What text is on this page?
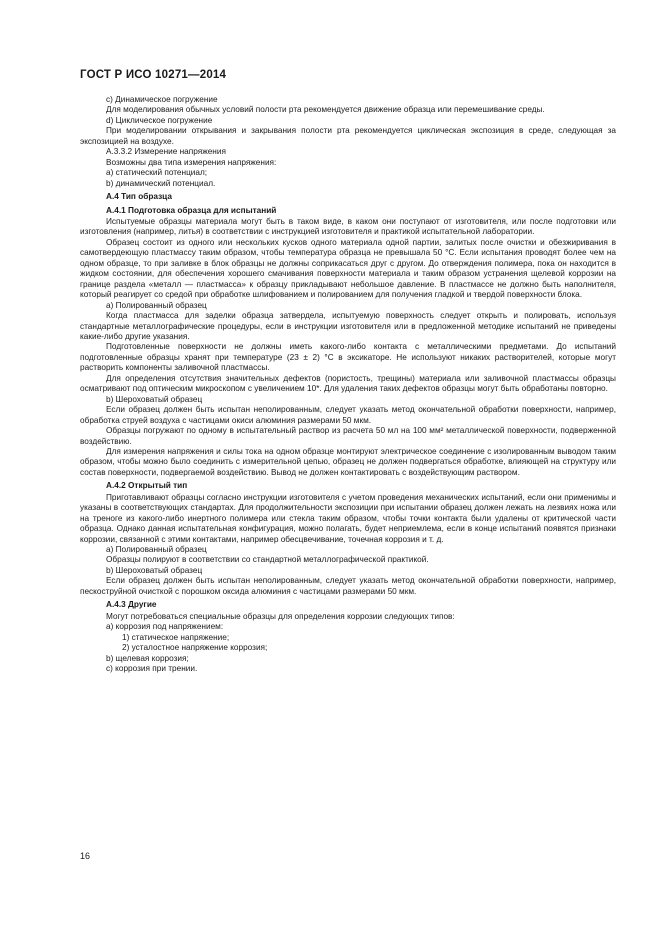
ГОСТ Р ИСО 10271—2014

c) Динамическое погружение

Для моделирования обычных условий полости рта рекомендуется движение образца или перемешивание среды.

d) Циклическое погружение

При моделировании открывания и закрывания полости рта рекомендуется циклическая экспозиция в среде, следующая за экспозицией на воздухе.

А.3.3.2 Измерение напряжения

Возможны два типа измерения напряжения:

a) статический потенциал;

b) динамический потенциал.

А.4 Тип образца

А.4.1 Подготовка образца для испытаний

Испытуемые образцы материала могут быть в таком виде, в каком они поступают от изготовителя, или после подготовки или изготовления (например, литья) в соответствии с инструкцией изготовителя и практикой испытательной лаборатории.

Образец состоит из одного или нескольких кусков одного материала одной партии, залитых после очистки и обезжиривания в самотвердеющую пластмассу таким образом, чтобы температура образца не превышала 50 °С. Если испытания проводят более чем на одном образце, то при заливке в блок образцы не должны соприкасаться друг с другом. До отверждения полимера, пока он находится в жидком состоянии, для обеспечения хорошего смачивания поверхности материала и таким образом устранения щелевой коррозии на границе раздела «металл — пластмасса» к образцу прикладывают небольшое давление. В пластмассе не должно быть наполнителя, который реагирует со средой при обработке шлифованием и полированием для получения гладкой и твердой поверхности блока.

а) Полированный образец

Когда пластмасса для заделки образца затвердела, испытуемую поверхность следует открыть и полировать, используя стандартные металлографические процедуры, если в инструкции изготовителя или в предложенной методике испытаний не приведены какие-либо другие указания.

Подготовленные поверхности не должны иметь какого-либо контакта с металлическими предметами. До испытаний подготовленные образцы хранят при температуре (23 ± 2) °С в эксикаторе. Не используют никаких растворителей, которые могут растворить компоненты заливочной пластмассы.

Для определения отсутствия значительных дефектов (пористость, трещины) материала или заливочной пластмассы образцы осматривают под оптическим микроскопом с увеличением 10*. Для удаления таких дефектов образцы могут быть обработаны повторно.

b) Шероховатый образец

Если образец должен быть испытан неполированным, следует указать метод окончательной обработки поверхности, например, обработка струей воздуха с частицами окиси алюминия размерами 50 мкм.

Образцы погружают по одному в испытательный раствор из расчета 50 мл на 100 мм² металлической поверхности, подверженной воздействию.

Для измерения напряжения и силы тока на одном образце монтируют электрическое соединение с изолированным выводом таким образом, чтобы можно было соединить с измерительной цепью, образец не должен подвергаться обработке, влияющей на структуру или состав поверхности, подвергаемой воздействию. Вывод не должен контактировать с воздействующим раствором.

А.4.2 Открытый тип

Приготавливают образцы согласно инструкции изготовителя с учетом проведения механических испытаний, если они применимы и указаны в соответствующих стандартах. Для продолжительности экспозиции при испытании образец должен лежать на лезвиях ножа или на треноге из какого-либо инертного полимера или стекла таким образом, чтобы точки контакта были удалены от критической части образца. Однако данная испытательная конфигурация, можно полагать, будет неприемлема, если в конце испытаний появятся признаки коррозии, связанной с этими контактами, например обесцвечивание, точечная коррозия и т. д.

а) Полированный образец

Образцы полируют в соответствии со стандартной металлографической практикой.

b) Шероховатый образец

Если образец должен быть испытан неполированным, следует указать метод окончательной обработки поверхности, например, пескоструйной очисткой с порошком оксида алюминия с частицами размерами 50 мкм.

А.4.3 Другие

Могут потребоваться специальные образцы для определения коррозии следующих типов:

а) коррозия под напряжением:

1) статическое напряжение;

2) усталостное напряжение коррозия;

b) щелевая коррозия;

с) коррозия при трении.

16
